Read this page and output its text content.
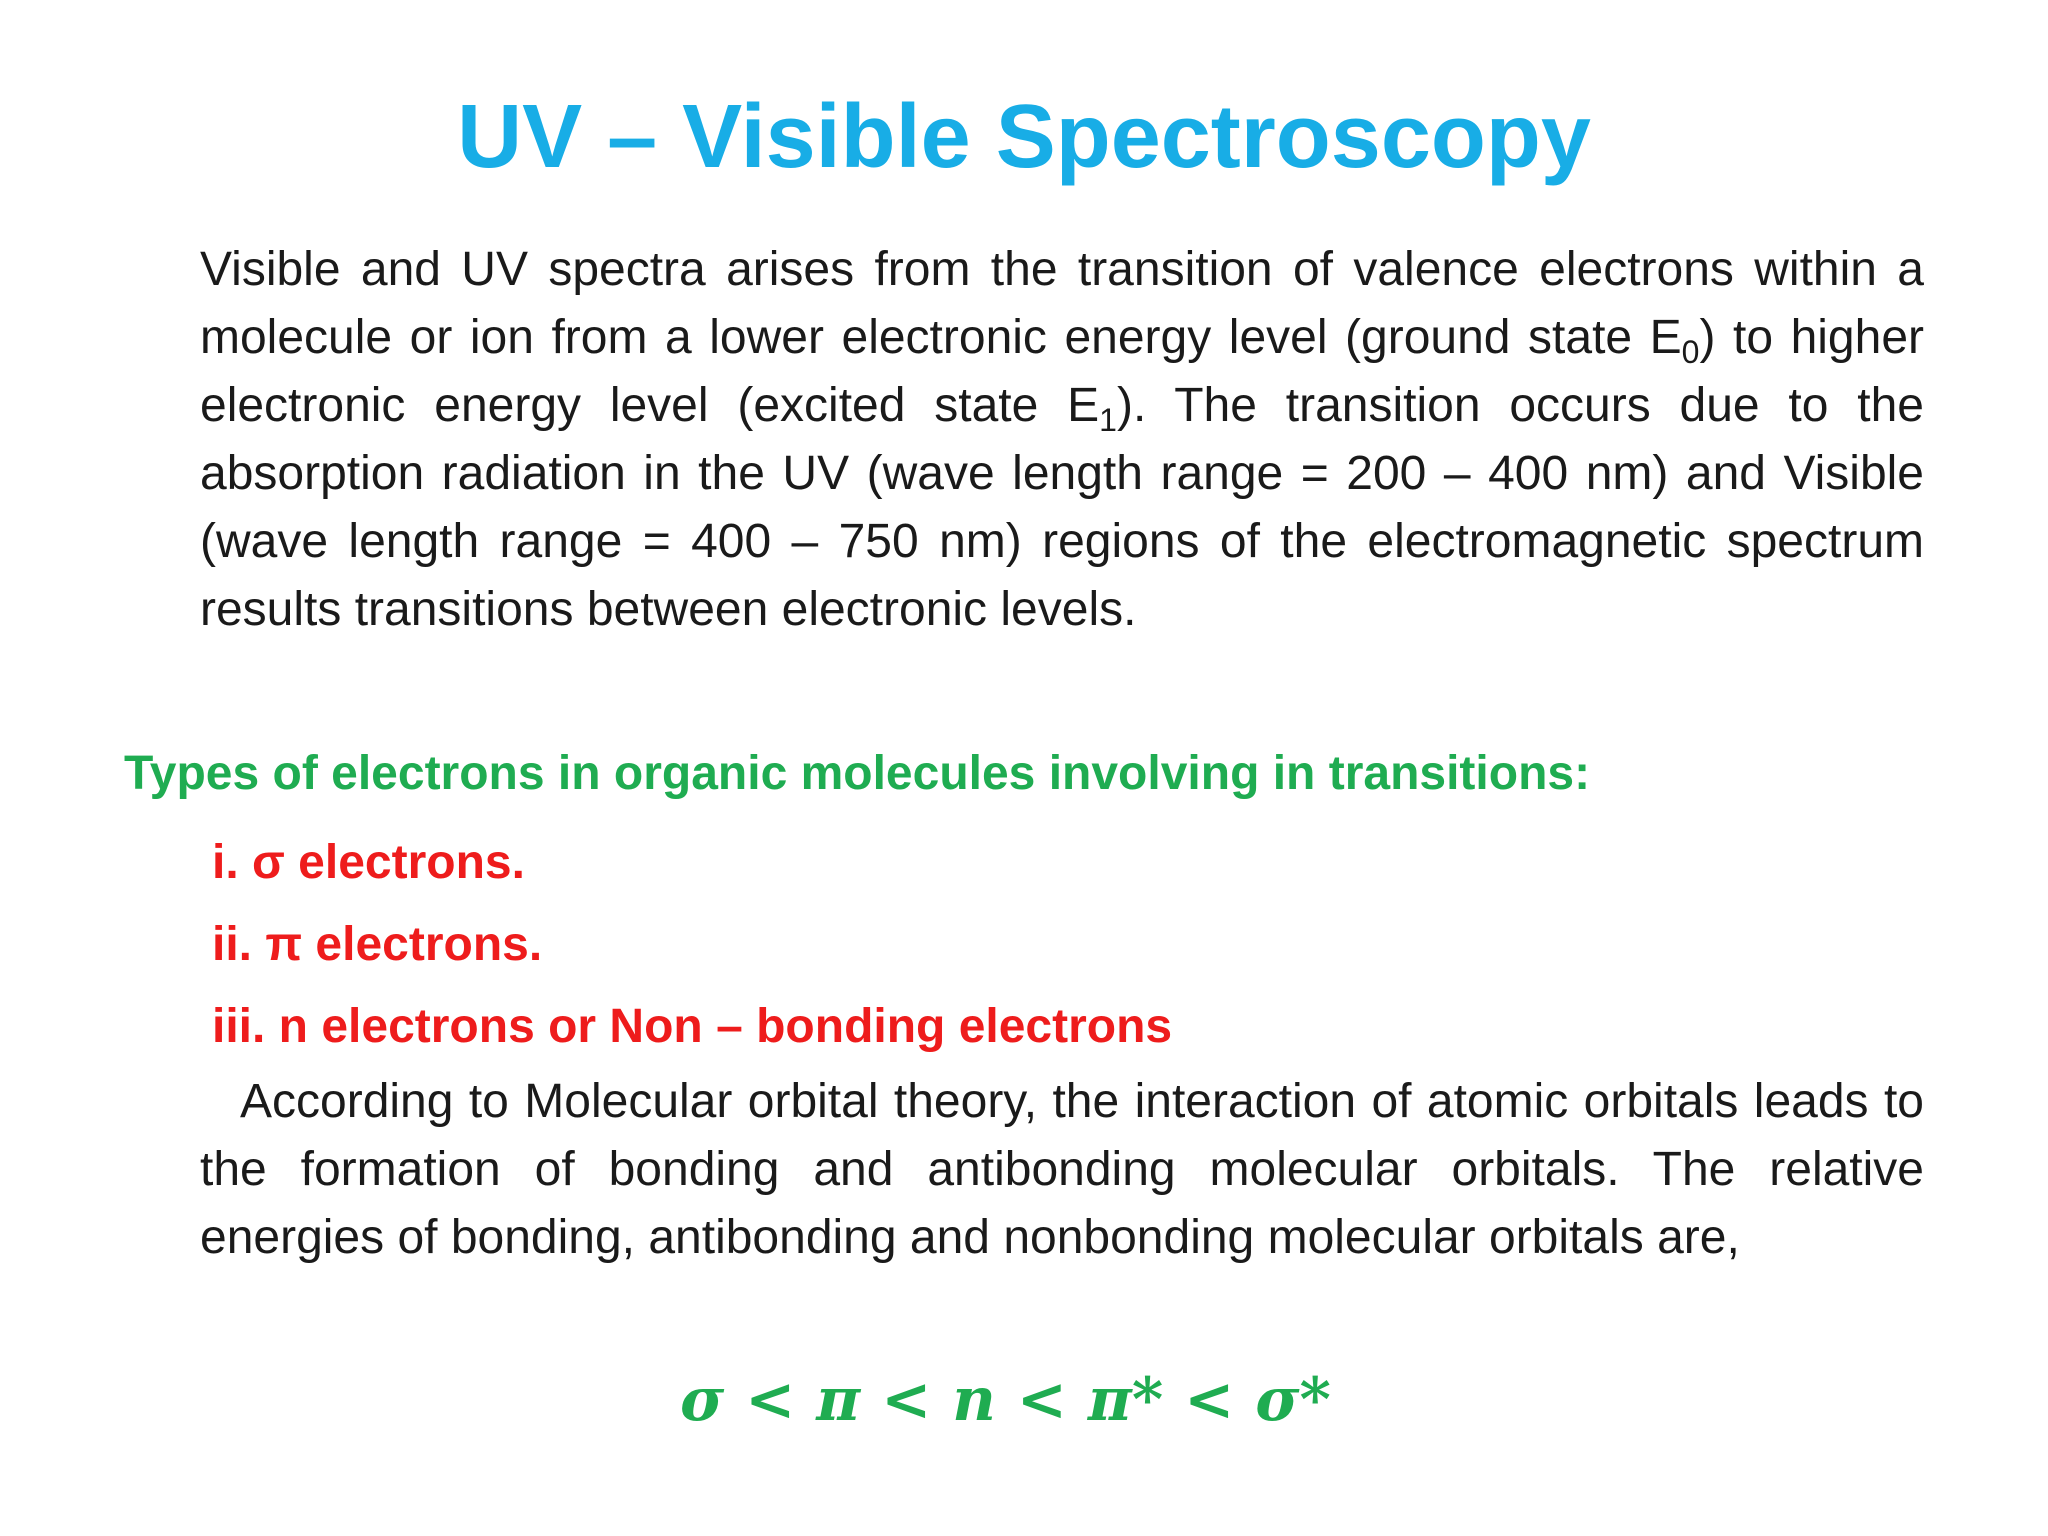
UV – Visible Spectroscopy
Visible and UV spectra arises from the transition of valence electrons within a molecule or ion from a lower electronic energy level (ground state $E_0$) to higher electronic energy level (excited state $E_1$). The transition occurs due to the absorption radiation in the UV (wave length range = 200 – 400 nm) and Visible (wave length range = 400 – 750 nm) regions of the electromagnetic spectrum results transitions between electronic levels.
Types of electrons in organic molecules involving in transitions:
i. σ electrons.
ii. π electrons.
iii. n electrons or Non – bonding electrons
According to Molecular orbital theory, the interaction of atomic orbitals leads to the formation of bonding and antibonding molecular orbitals. The relative energies of bonding, antibonding and nonbonding molecular orbitals are,
σ < π < n < π* < σ*
